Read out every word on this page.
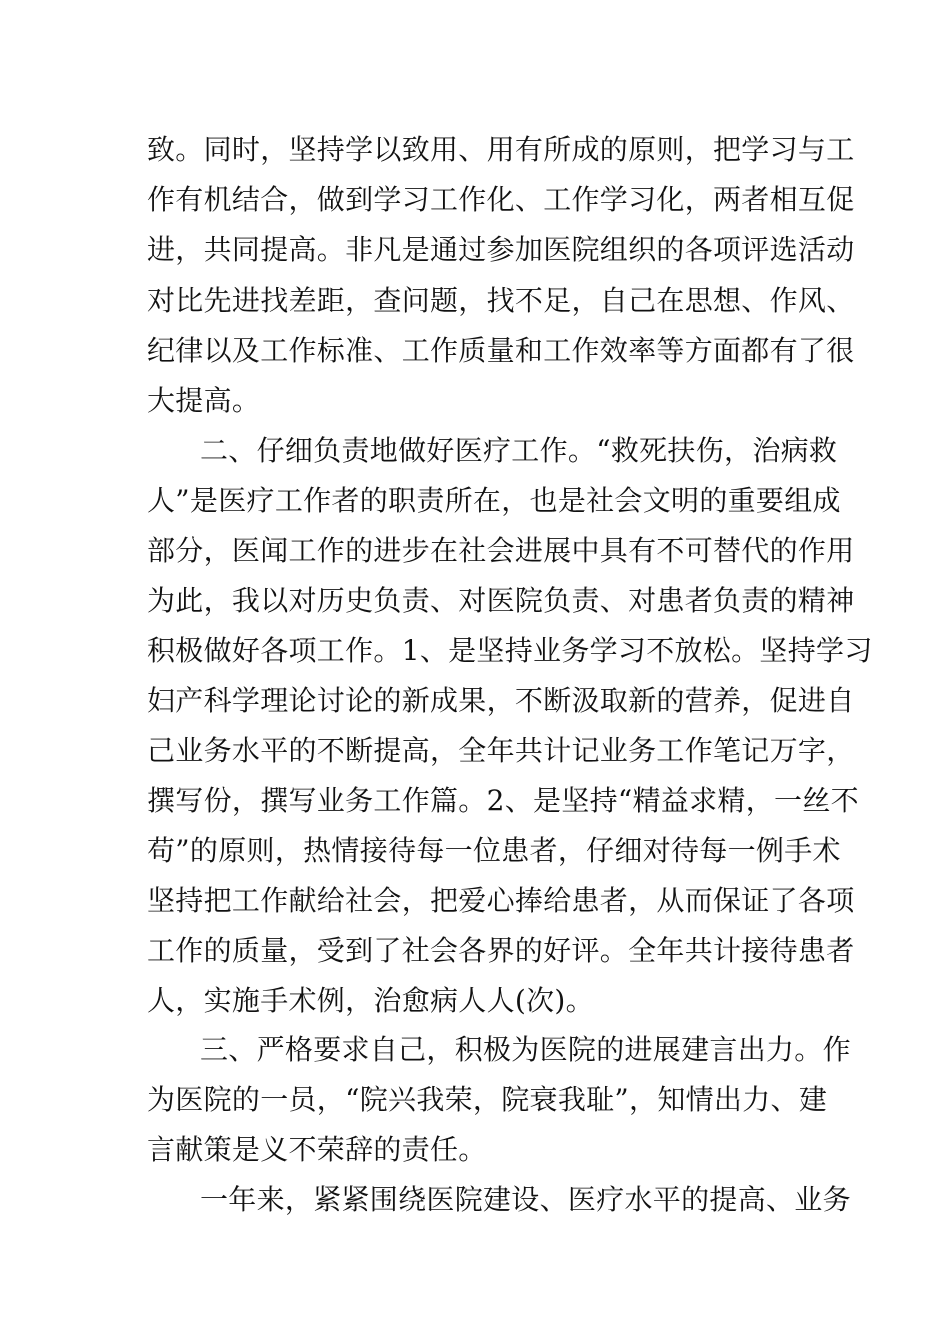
致。同时，坚持学以致用、用有所成的原则，把学习与工
作有机结合，做到学习工作化、工作学习化，两者相互促
进，共同提高。非凡是通过参加医院组织的各项评选活动
对比先进找差距，查问题，找不足，自己在思想、作风、
纪律以及工作标准、工作质量和工作效率等方面都有了很
大提高。
二、仔细负责地做好医疗工作。“救死扶伤，治病救
人”是医疗工作者的职责所在，也是社会文明的重要组成
部分，医闻工作的进步在社会进展中具有不可替代的作用
为此，我以对历史负责、对医院负责、对患者负责的精神
积极做好各项工作。1、是坚持业务学习不放松。坚持学习
妇产科学理论讨论的新成果，不断汲取新的营养，促进自
己业务水平的不断提高，全年共计记业务工作笔记万字，
撰写份，撰写业务工作篇。2、是坚持“精益求精，一丝不
苟”的原则，热情接待每一位患者，仔细对待每一例手术
坚持把工作献给社会，把爱心捧给患者，从而保证了各项
工作的质量，受到了社会各界的好评。全年共计接待患者
人，实施手术例，治愈病人人(次)。
三、严格要求自己，积极为医院的进展建言出力。作
为医院的一员，“院兴我荣，院衰我耻”，知情出力、建
言献策是义不荣辞的责任。
一年来，紧紧围绕医院建设、医疗水平的提高、业务
